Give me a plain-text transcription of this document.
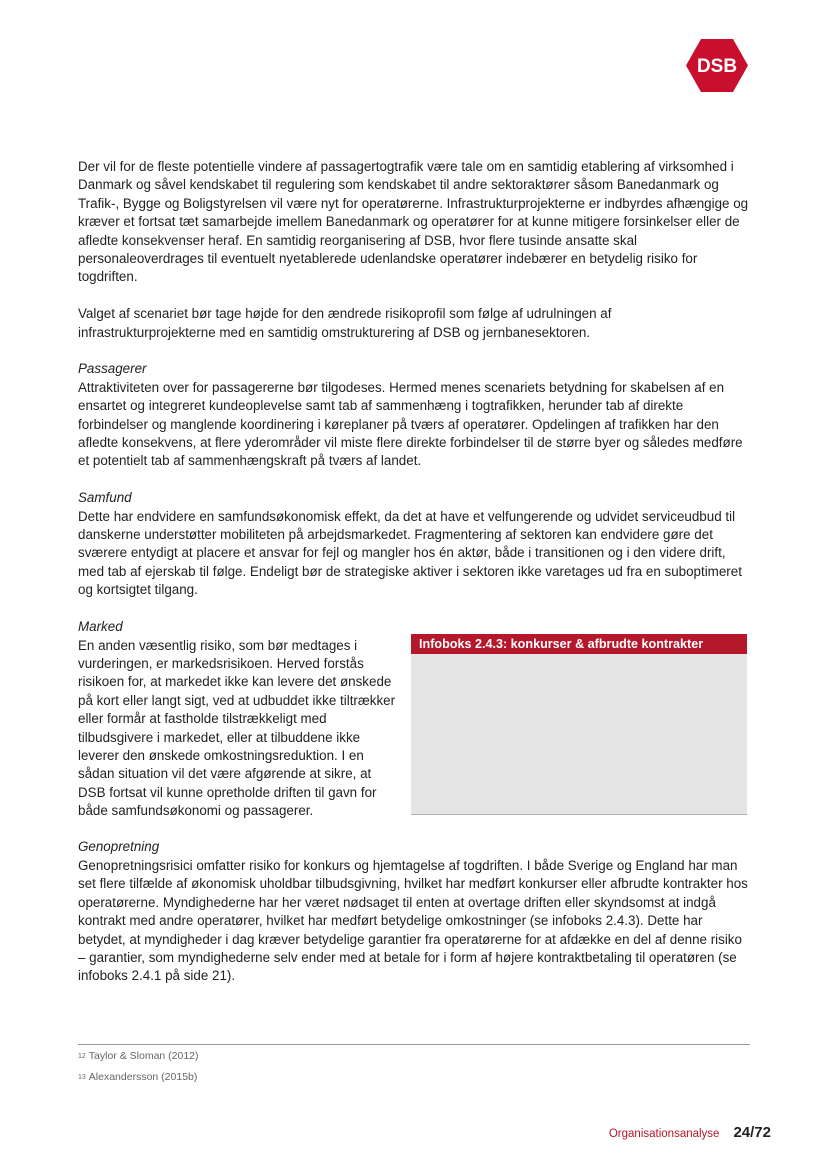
DSB

Der vil for de fleste potentielle vindere af passagertogtrafik være tale om en samtidig etablering af virksomhed i Danmark og såvel kendskabet til regulering som kendskabet til andre sektoraktører såsom Banedanmark og Trafik-, Bygge og Boligstyrelsen vil være nyt for operatørerne. Infrastrukturprojekterne er indbyrdes afhængige og kræver et fortsat tæt samarbejde imellem Banedanmark og operatører for at kunne mitigere forsinkelser eller de afledte konsekvenser heraf. En samtidig reorganisering af DSB, hvor flere tusinde ansatte skal personaleoverdrages til eventuelt nyetablerede udenlandske operatører indebærer en betydelig risiko for togdriften.

Valget af scenariet bør tage højde for den ændrede risikoprofil som følge af udrulningen af infrastrukturprojekterne med en samtidig omstrukturering af DSB og jernbanesektoren.

Passagerer

Attraktiviteten over for passagererne bør tilgodeses. Hermed menes scenariets betydning for skabelsen af en ensartet og integreret kundeoplevelse samt tab af sammenhæng i togtrafikken, herunder tab af direkte forbindelser og manglende koordinering i køreplaner på tværs af operatører. Opdelingen af trafikken har den afledte konsekvens, at flere yderområder vil miste flere direkte forbindelser til de større byer og således medføre et potentielt tab af sammenhængskraft på tværs af landet.

Samfund

Dette har endvidere en samfundsøkonomisk effekt, da det at have et velfungerende og udvidet serviceudbud til danskerne understøtter mobiliteten på arbejdsmarkedet. Fragmentering af sektoren kan endvidere gøre det sværere entydigt at placere et ansvar for fejl og mangler hos én aktør, både i transitionen og i den videre drift, med tab af ejerskab til følge. Endeligt bør de strategiske aktiver i sektoren ikke varetages ud fra en suboptimeret og kortsigtet tilgang.

Marked

En anden væsentlig risiko, som bør medtages i vurderingen, er markedsrisikoen. Herved forstås risikoen for, at markedet ikke kan levere det ønskede på kort eller langt sigt, ved at udbuddet ikke tiltrækker eller formår at fastholde tilstrækkeligt med tilbudsgivere i markedet, eller at tilbuddene ikke leverer den ønskede omkostningsreduktion. I en sådan situation vil det være afgørende at sikre, at DSB fortsat vil kunne opretholde driften til gavn for både samfundsøkonomi og passagerer.

Infoboks 2.4.3: konkurser & afbrudte kontrakter

Genopretning

Genopretningsrisici omfatter risiko for konkurs og hjemtagelse af togdriften. I både Sverige og England har man set flere tilfælde af økonomisk uholdbar tilbudsgivning, hvilket har medført konkurser eller afbrudte kontrakter hos operatørerne. Myndighederne har her været nødsaget til enten at overtage driften eller skyndsomst at indgå kontrakt med andre operatører, hvilket har medført betydelige omkostninger (se infoboks 2.4.3). Dette har betydet, at myndigheder i dag kræver betydelige garantier fra operatørerne for at afdække en del af denne risiko – garantier, som myndighederne selv ender med at betale for i form af højere kontraktbetaling til operatøren (se infoboks 2.4.1 på side 21).

$^{12}$ Taylor & Sloman (2012)
$^{13}$ Alexandersson (2015b)
Organisationsanalyse 24/72
